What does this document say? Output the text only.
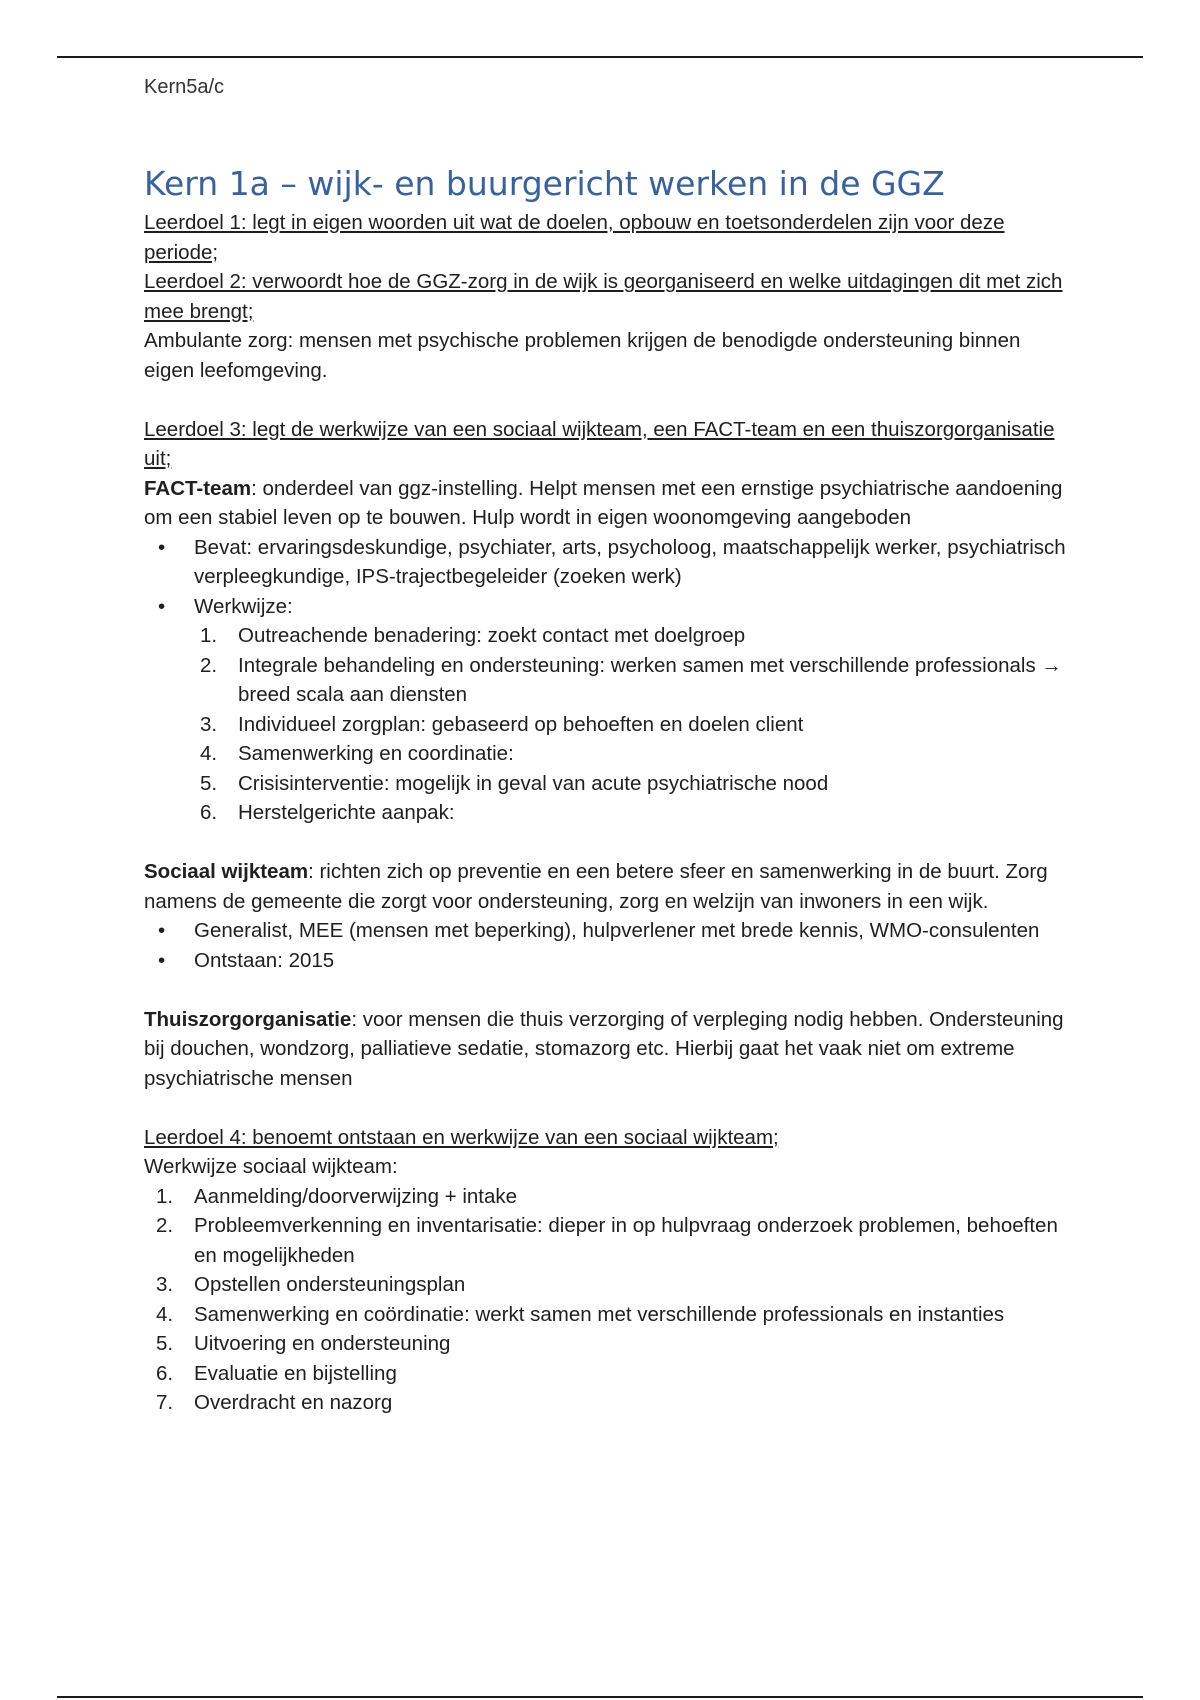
Kern5a/c
Kern 1a – wijk- en buurgericht werken in de GGZ

Leerdoel 1: legt in eigen woorden uit wat de doelen, opbouw en toetsonderdelen zijn voor deze periode;

Leerdoel 2: verwoordt hoe de GGZ-zorg in de wijk is georganiseerd en welke uitdagingen dit met zich mee brengt;

Ambulante zorg: mensen met psychische problemen krijgen de benodigde ondersteuning binnen eigen leefomgeving.

Leerdoel 3: legt de werkwijze van een sociaal wijkteam, een FACT-team en een thuiszorgorganisatie uit;

FACT-team: onderdeel van ggz-instelling. Helpt mensen met een ernstige psychiatrische aandoening om een stabiel leven op te bouwen. Hulp wordt in eigen woonomgeving aangeboden

• Bevat: ervaringsdeskundige, psychiater, arts, psycholoog, maatschappelijk werker, psychiatrisch verpleegkundige, IPS-trajectbegeleider (zoeken werk)
• Werkwijze:
1. Outreachende benadering: zoekt contact met doelgroep
2. Integrale behandeling en ondersteuning: werken samen met verschillende professionals → breed scala aan diensten
3. Individueel zorgplan: gebaseerd op behoeften en doelen client
4. Samenwerking en coordinatie:
5. Crisisinterventie: mogelijk in geval van acute psychiatrische nood
6. Herstelgerichte aanpak:

Sociaal wijkteam: richten zich op preventie en een betere sfeer en samenwerking in de buurt. Zorg namens de gemeente die zorgt voor ondersteuning, zorg en welzijn van inwoners in een wijk.

• Generalist, MEE (mensen met beperking), hulpverlener met brede kennis, WMO-consulenten
• Ontstaan: 2015

Thuiszorgorganisatie: voor mensen die thuis verzorging of verpleging nodig hebben. Ondersteuning bij douchen, wondzorg, palliatieve sedatie, stomazorg etc. Hierbij gaat het vaak niet om extreme psychiatrische mensen

Leerdoel 4: benoemt ontstaan en werkwijze van een sociaal wijkteam;

Werkwijze sociaal wijkteam:

1. Aanmelding/doorverwijzing + intake
2. Probleemverkenning en inventarisatie: dieper in op hulpvraag onderzoek problemen, behoeften en mogelijkheden
3. Opstellen ondersteuningsplan
4. Samenwerking en coördinatie: werkt samen met verschillende professionals en instanties
5. Uitvoering en ondersteuning
6. Evaluatie en bijstelling
7. Overdracht en nazorg
